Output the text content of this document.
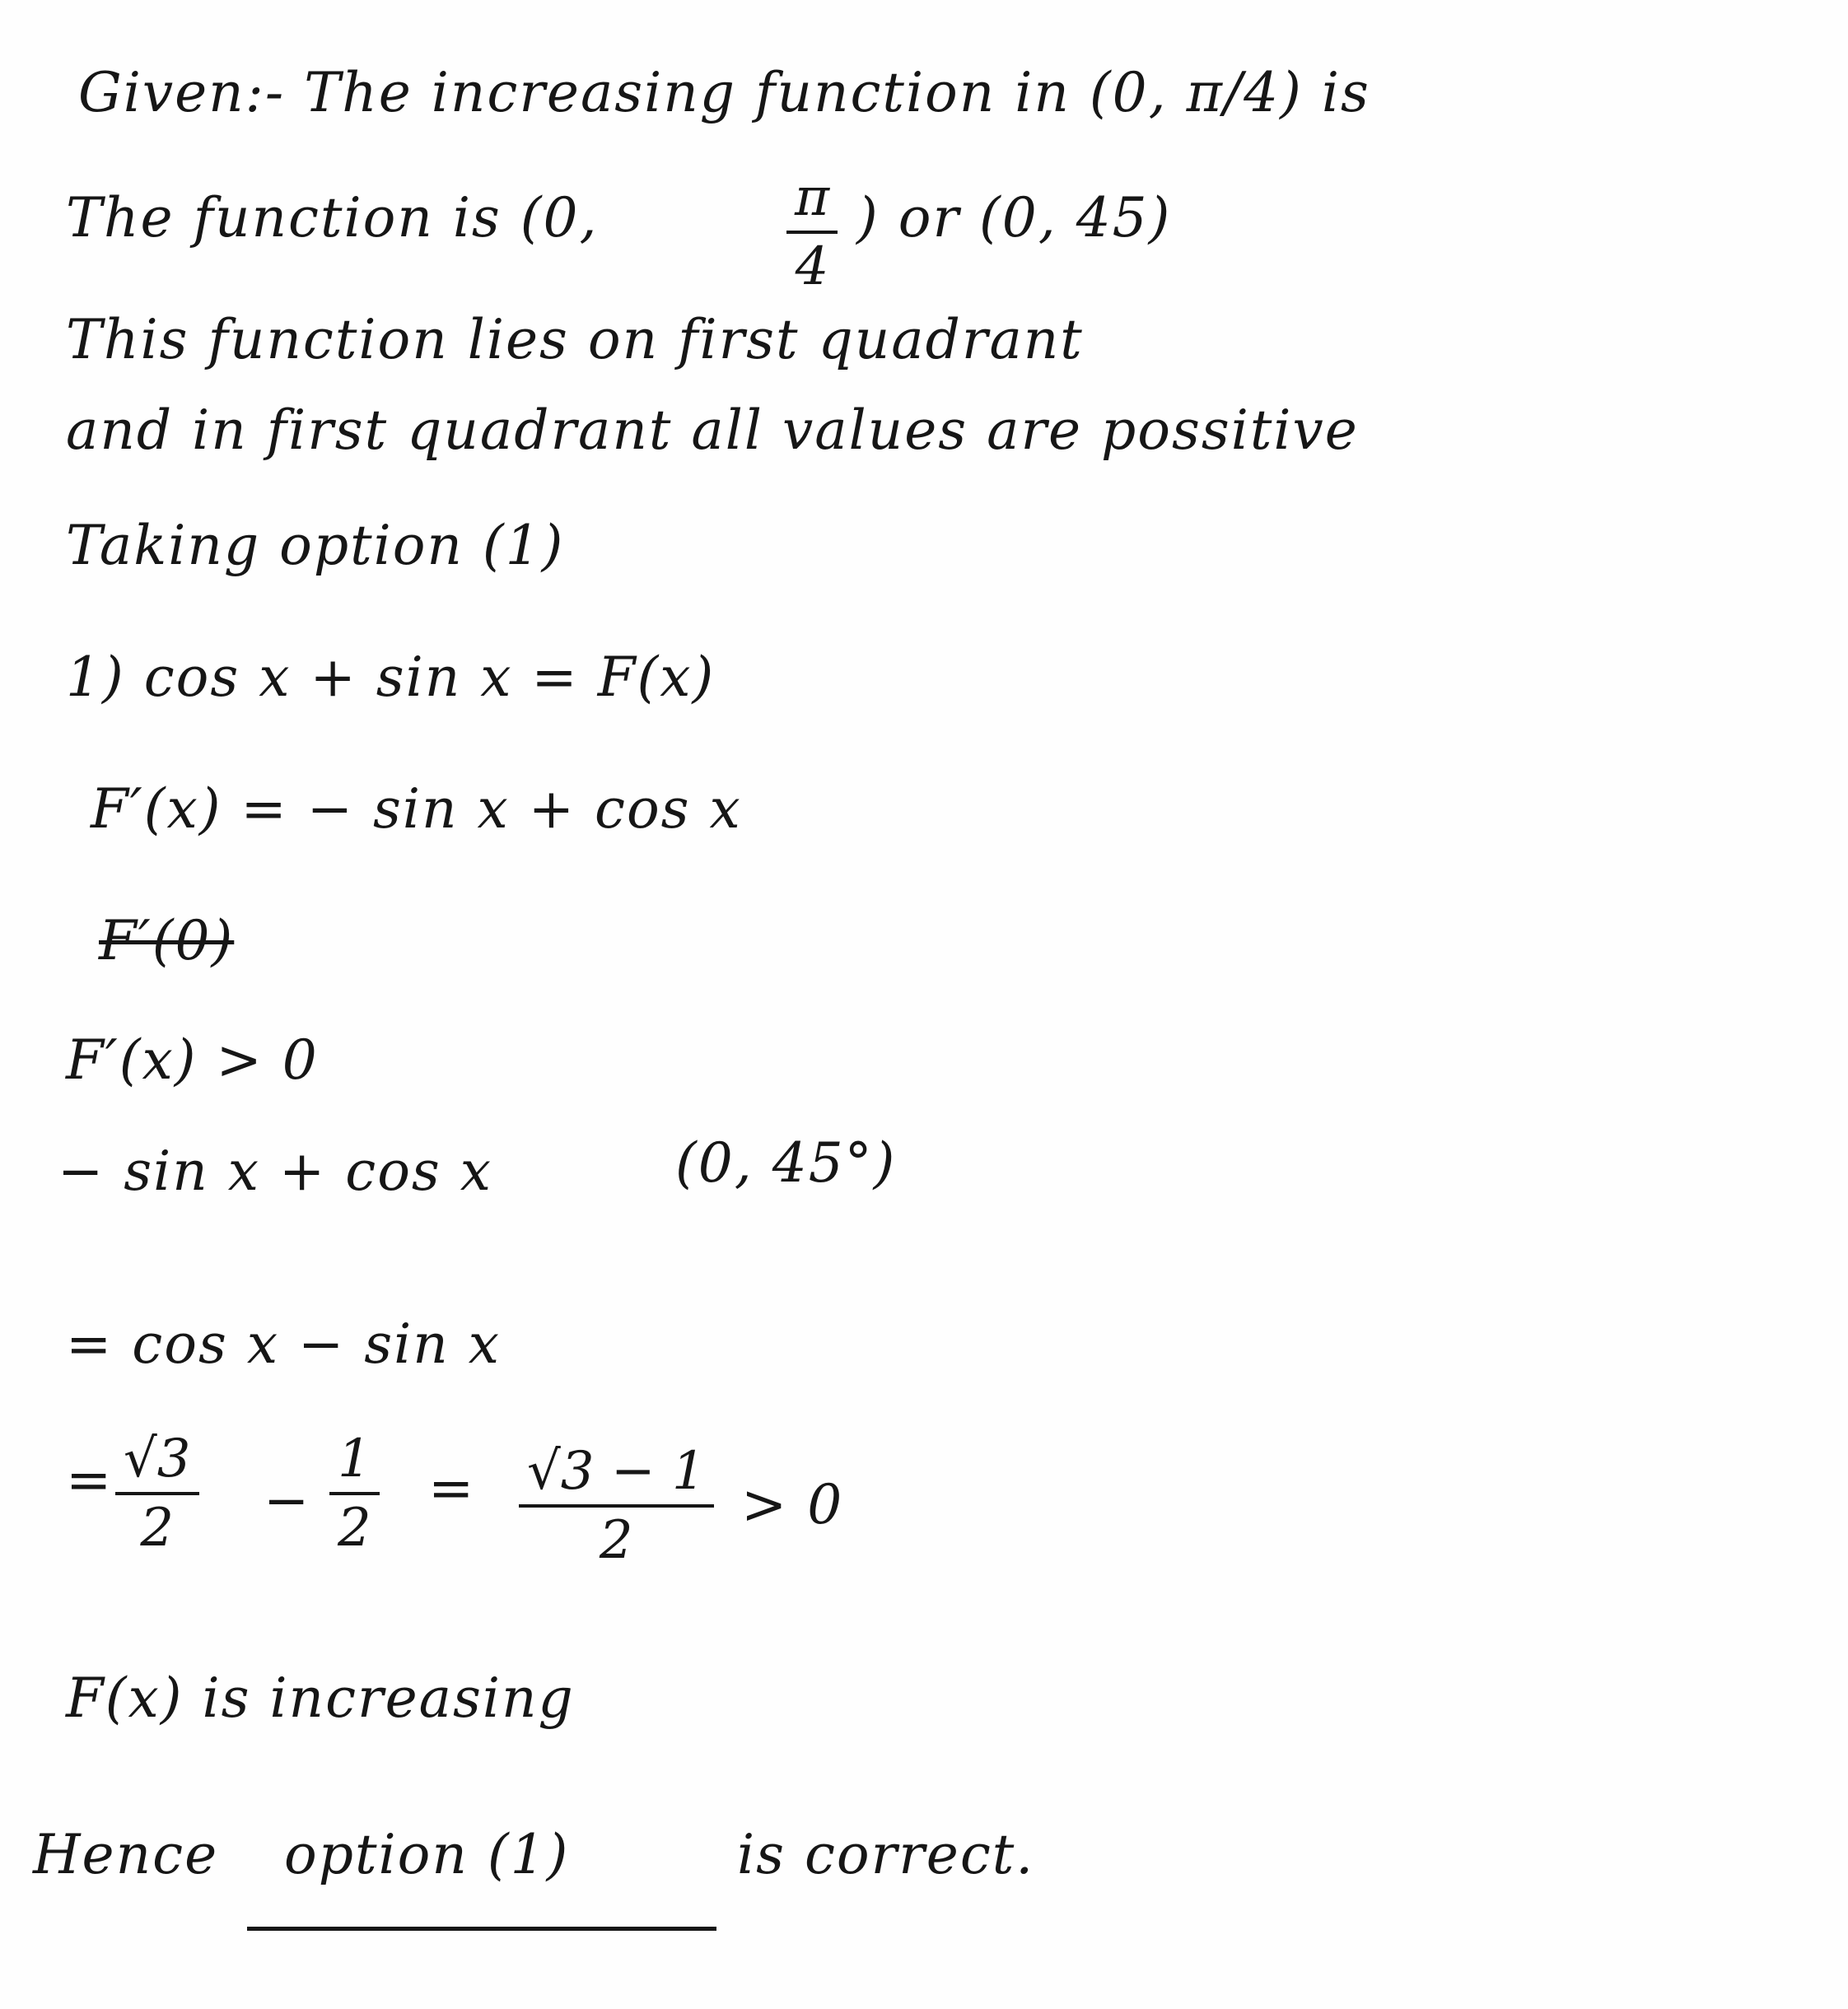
Given:- The increasing function in (0, π/4) is
The function is (0,	π
4
) or (0, 45)
This function lies on first quadrant
and in first quadrant all values are possitive
Taking option (1)
1) cos x + sin x = F(x)
F′(x) = − sin x + cos x
F′(0)
F′(x) > 0
− sin x + cos x	(0, 45°)
= cos x − sin x
= √3
2 −
1
2
= √3 − 1
2
> 0
F(x) is increasing
Hence option (1)	is correct.
